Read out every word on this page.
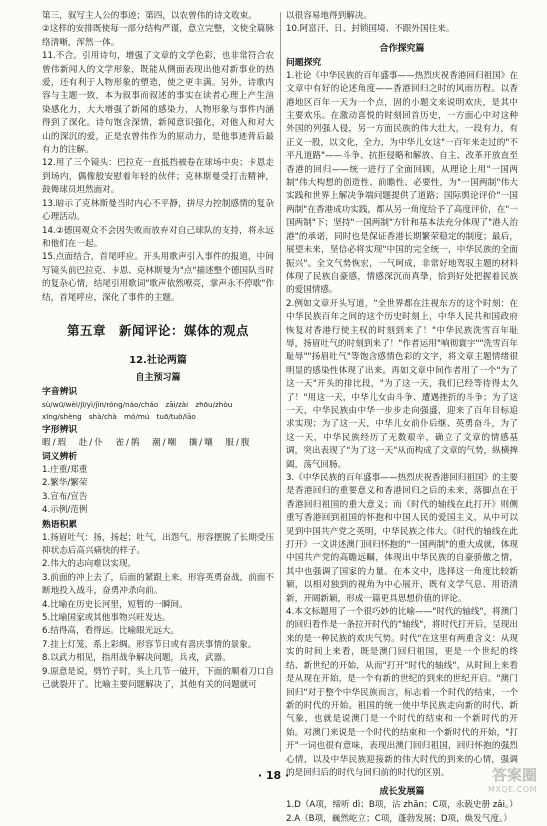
第三，叙写主人公的事迹；第四，以农曾伟的诗文收束。

②这样的安排既使每一部分结构严谨，意立完整，文使全篇脉络清晰，浑然一体。

11.不合。引用诗句，增强了文章的文学色彩，也非常符合农曾伟新闻人的文学形象，既能从侧面表现出他对新事业的热爱，还有利于人物形象的塑造，使之更丰满。另外，诗歌内容与主题一致，本为叙事而叙述的事实在读者心理上产生渲染感化力，大大增强了新闻的感染力，人物形象与事件内涵得到了深化。诗句饱含深情，新闻意识强化，对他人和对大山的深沉的爱，正是农曾伟作为的原动力，是他事迹背后最有力的注解。

12.用了三个镜头：巴拉克一直抵挡被卷在球场中央；卡恩走到场内，偶像般安慰着年轻的伙伴；克林斯曼受打击精神，鼓舞球员坦然面对。

13.暗示了克林斯曼当时内心不平静，拼尽力控制感情的复杂心理活动。

14.②德国观众不会因失败而放弃对自己球队的支持，将永远和他们在一起。

15.点面结合，首尾呼应。开头用歌声引入事件的报道，中间写镜头前巴拉克、卡恩、克林斯曼为"点"描述整个德国队当时的复杂心情，结尾引用歌词"歌声依然嘹亮，掌声永不停歇"作结，首尾呼应，深化了事件的主题。

第五章　新闻评论：媒体的观点
12.社论两篇
自主预习篇

字音辨识

sù/wū/wèi/jī/yì/jìn/róng/náo/cháo　zāi/zài　zhōu/zhòu　xīng/shèng　shà/chà　mó/mú　tuō/tuò/lāo

字形辨识

暇/瑕　赴/仆　雀/鹊　潮/嘲　攘/嚷　服/腹

词义辨析

1.庄重/郑重

2.繁华/繁荣

3.宣布/宣告

4.示例/范例

熟语积累

1.扬眉吐气：扬，扬起；吐气，出怨气。形容摆脱了长期受压抑状态后高兴痛快的样子。

2.伟大的志向难以实现。

3.前面的冲上去了，后面的紧跟上来。形容英勇奋战，前面不断地投入战斗，奋勇冲杀向前。

4.比喻在历史长河里，短暂的一瞬间。

5.比喻国家或其他事物兴旺发达。

6.结得高，看得远。比喻眼光远大。

7.挂上灯笼，系上彩绸。形容节日或有喜庆事情的景象。

8.以武力相见，指用战争解决问题，兵戎，武器。

9.原意是说，劈竹子时，头上几节一破开，下面的顺着刀口自己就裂开了。比喻主要问题解决了，其他有关的问题就可

以很容易地得到解决。

10.阿富汗、日、封锁国境、不跟外国往来。

合作探究篇

问题探究

1.社论《中华民族的百年盛事——热烈庆祝香港回归祖国》在文章中有好的论述角度——香港回归之时的风雨历程。以香港地区百年一天为一个点，固的小题文来说明欢庆，是其中主要欢乐。在激动喜悦的时刻回首历史，一方面心中对这种外国的列强人侵，另一方面民族的伟大壮大，一段有力，有正义一股，以文化，全力，为中华儿女这"一百年来走过的"不平凡道路"——斗争、抗拒侵略和解放、自主、改革开放直至香港的回归——统一进行了全面回顾，从理论上用"一国两制"伟大构想的创造性、前瞻性、必要性，为"一国两制"伟大实践和世界上解决争端问题提供了道路；国际舆论评价"一国两制"在香港成功实践，都从另一角度给予了高度评价，在"一国两制"下；坚持"一国两制"方针和基本法充分体现了"港人治港"的承诺，同时也是保证香港长期繁荣稳定的制度；最后，展望未来，坚信必将实现"中国的完全统一，中华民族的全面振兴"。全文气势恢宏，一气呵成，非常好地驾驭主题的材料体现了民族自豪感，情感深沉而真挚，恰到好处把握着民族的爱国情感。

2.例如文章开头写道，"全世界都在注视东方的这个时刻：在中华民族百年之间的这个历史时刻上，中华人民共和国政府恢复对香港行使主权的时刻到来了！"中华民族洗雪百年耻辱，扬眉吐气的时刻到来了！"作者运用"响彻寰宇""洗雪百年耻辱""扬眉吐气"等饱含感情色彩的文字，将文章主题情绪很明显的感染性体现了出来。再如文章中间作者用了一个"为了这一天"开头的排比段，"为了这一天，我们已经等待得太久了！"用这一天，中华儿女由斗争、遭遇挫折的斗争；为了这一天，中华民族由中华一步步走向强盛，迎来了百年目标追求实现；为了这一天，中华儿女前仆后继、英勇奋斗，为了这一天，中华民族经历了无数艰辛，确立了文章的情感基调，突出表现了"为了这一天"从而构成了文章的气势，纵横捭阖，荡气回肠。

3.《中华民族的百年盛事——热烈庆祝香港回归祖国》的主要是香港回归的重要意义和香港回归之后的未来，落脚点在于香港回归祖国的重大意义；而《时代的轴线在此打开》则侧重写香港回到祖国的怀抱和中国人民的爱国主义，从中可以见到中国共产党之英明，中华民族之伟大。《时代的轴线在此打开》一文讲述澳门回归怀抱的"一国两制"的重大成就，体现中国共产党的高瞻远瞩，体现出中华民族的自豪骄傲之情，其中也强调了国家的力量。在本文中，选择这一角度比较新颖，以相对独到的视角为中心展开，既有文学气息、用语清新，开阔新颖，形成一篇更具思想价值的评论。

4.本文标题用了一个很巧妙的比喻——"时代的轴线"，将澳门的回归看作是一条拉开时代的"轴线"，将时代打开后，呈现出来的是一种民族的欢庆气势。时代"在这里有两重含义：从现实的时间上来看，既是澳门回归祖国，更是一个世纪的终结、新世纪的开始，从而"打开"时代的轴线"，从时间上来看是从现在开始，是一个有新的世纪的到来的世纪开启。"澳门回归"对于整个中华民族而言，标志着一个时代的结束，一个新的时代的开始。祖国的统一使中华民族走向新的时代、新气象，也就是说澳门是一个时代的结束和一个新时代的开始。对澳门来说是一个时代的结束和一个新时代的开始，"打开"一词也很有意味，表现出澳门回归祖国，回归怀抱的强烈心情，以及中华民族迎接新的伟大时代的到来的心情，强调的是回归后的时代与回归前的时代的区别。

成长发展篇

1.D（A项，缔听 dì；B项，沾 zhān；C项，永载史册 zǎi。）

2.A（B项，巍然屹立；C项，蓬勃发展；D项，焕发气度。）

· 18 ·	答案圈
MXQE.COM
